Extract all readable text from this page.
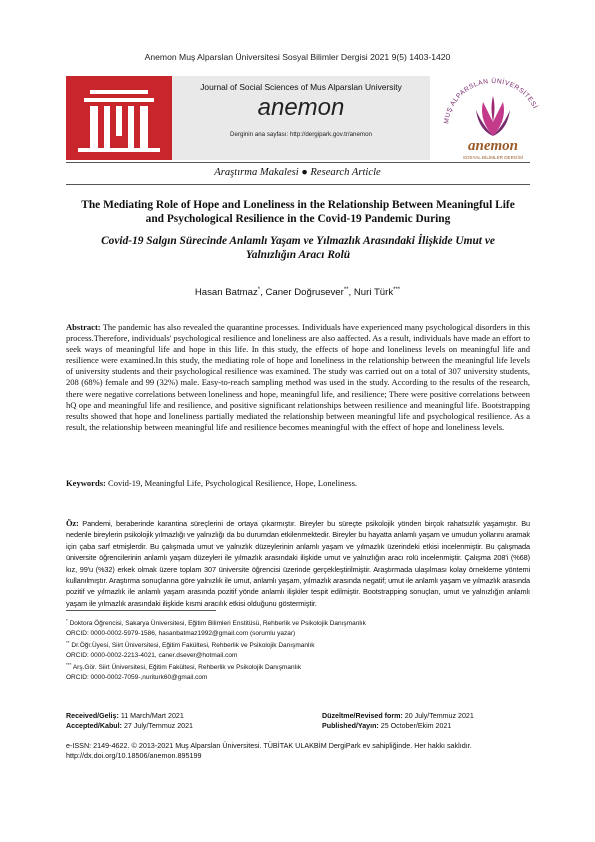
Anemon Muş Alparslan Üniversitesi Sosyal Bilimler Dergisi 2021 9(5) 1403-1420
Journal of Social Sciences of Mus Alparslan University
anemon
Derginin ana sayfası: http://dergipark.gov.tr/anemon
MUŞ ALPARSLAN ÜNİVERSİTESİ
anemon
SOSYAL BİLİMLER DERGİSİ
Araştırma Makalesi ● Research Article
The Mediating Role of Hope and Loneliness in the Relationship Between Meaningful Life and Psychological Resilience in the Covid-19 Pandemic During
Covid-19 Salgın Sürecinde Anlamlı Yaşam ve Yılmazlık Arasındaki İlişkide Umut ve Yalnızlığın Aracı Rolü
Hasan Batmaz*, Caner Doğrusever**, Nuri Türk***
Abstract: The pandemic has also revealed the quarantine processes. Individuals have experienced many psychological disorders in this process.Therefore, individuals' psychological resilience and loneliness are also aaffected. As a result, individuals have made an effort to seek ways of meaningful life and hope in this life. In this study, the effects of hope and loneliness levels on meaningful life and resilience were examined.In this study, the mediating role of hope and loneliness in the relationship between the meaningful life levels of university students and their psychological resilience was examined. The study was carried out on a total of 307 university students, 208 (68%) female and 99 (32%) male. Easy-to-reach sampling method was used in the study. According to the results of the research, there were negative correlations between loneliness and hope, meaningful life, and resilience; There were positive correlations between hQ ope and meaningful life and resilience, and positive significant relationships between resilience and meaningful life. Bootstrapping results showed that hope and loneliness partially mediated the relationship between meaningful life and psychological resilience. As a result, the relationship between meaningful life and resilience becomes meaningful with the effect of hope and loneliness levels.
Keywords: Covid-19, Meaningful Life, Psychological Resilience, Hope, Loneliness.
Öz: Pandemi, beraberinde karantina süreçlerini de ortaya çıkarmıştır. Bireyler bu süreçte psikolojik yönden birçok rahatsızlık yaşamıştır. Bu nedenle bireylerin psikolojik yılmazlığı ve yalnızlığı da bu durumdan etkilenmektedir. Bireyler bu hayatta anlamlı yaşam ve umudun yollarını aramak için çaba sarf etmişlerdir. Bu çalışmada umut ve yalnızlık düzeylerinin anlamlı yaşam ve yılmazlık üzerindeki etkisi incelenmiştir. Bu çalışmada üniversite öğrencilerinin anlamlı yaşam düzeyleri ile yılmazlık arasındaki ilişkide umut ve yalnızlığın aracı rolü incelenmiştir. Çalışma 208'i (%68) kız, 99'u (%32) erkek olmak üzere toplam 307 üniversite öğrencisi üzerinde gerçekleştirilmiştir. Araştırmada ulaşılması kolay örnekleme yöntemi kullanılmıştır. Araştırma sonuçlarına göre yalnızlık ile umut, anlamlı yaşam, yılmazlık arasında negatif; umut ile anlamlı yaşam ve yılmazlık arasında pozitif ve yılmazlık ile anlamlı yaşam arasında pozitif yönde anlamlı ilişkiler tespit edilmiştir. Bootstrapping sonuçları, umut ve yalnızlığın anlamlı yaşam ile yılmazlık arasındaki ilişkide kısmi aracılık etkisi olduğunu göstermiştir.
* Doktora Öğrencisi, Sakarya Üniversitesi, Eğitim Bilimleri Enstitüsü, Rehberlik ve Psikolojik Danışmanlık
ORCID: 0000-0002-5979-1586, hasanbatmaz1992@gmail.com (sorumlu yazar)
** Dr.Öğr.Üyesi, Siirt Üniversitesi, Eğitim Fakültesi, Rehberlik ve Psikolojik Danışmanlık
ORCID: 0000-0002-2213-4021, caner.dsever@hotmail.com
*** Arş.Gör. Siirt Üniversitesi, Eğitim Fakültesi, Rehberlik ve Psikolojik Danışmanlık
ORCID: 0000-0002-7059-,nuriturk60@gmail.com
Received/Geliş: 11 March/Mart 2021	Düzeltme/Revised form: 20 July/Temmuz 2021
Accepted/Kabul: 27 July/Temmuz 2021	Published/Yayın: 25 October/Ekim 2021
e-ISSN: 2149-4622. © 2013-2021 Muş Alparslan Üniversitesi. TÜBİTAK ULAKBİM DergiPark ev sahipliğinde. Her hakkı saklıdır. http://dx.doi.org/10.18506/anemon.895199
